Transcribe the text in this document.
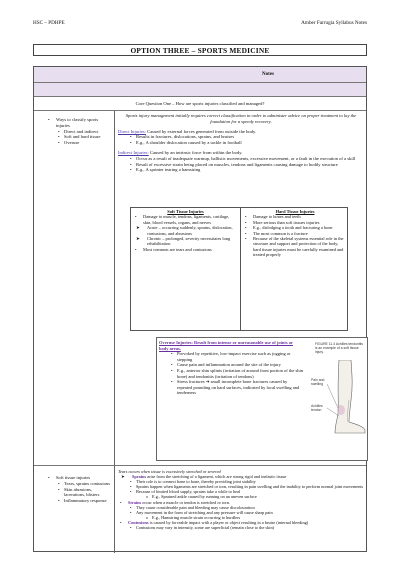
HSC – PDHPE	Amber Farrugia Syllabus Notes
OPTION THREE – SPORTS MEDICINE
Notes
Core Question One – How are sports injuries classified and managed?
• Ways to classify sports injuries
• Direct and indirect
• Soft and hard tissue
• Overuse

Sports injury management initially requires correct classification in order to administer advice on proper treatment to lay the foundation for a speedy recovery.

Direct Injuries: Caused by external forces generated from outside the body.

• Results in fractures, dislocations, sprains, and bruises
• E.g., A shoulder dislocation caused by a tackle in football

Indirect Injuries: Caused by an intrinsic force from within the body.

• Occur as a result of inadequate warmup, ballistic movements, excessive movement, or a fault in the execution of a skill
• Result of excessive strain being placed on muscles, tendons and ligaments causing damage to bodily structure
• E.g., A sprinter tearing a hamstring
Soft Tissue Injuries
• Damage to muscle, tendons, ligaments, cartilage, skin, blood vessels, organs, and nerves
➤ Acute – occurring suddenly, sprains, dislocation, contusions, and abrasions
➤ Chronic – prolonged, severity necessitates long rehabilitation
• Most common are tears and contusions
Hard Tissue Injuries
• Damage to bones and teeth
• More serious than soft tissues injuries
• E.g., dislodging a tooth and fracturing a bone
• The most common is a fracture
• Because of the skeletal systems essential role in the structure and support and protection of the body, hard tissue injuries must be carefully examined and treated properly

Overuse Injuries: Result from intense or unreasonable use of joints or body areas.

• Provoked by repetitive, low-impact exercise such as jogging or stepping
• Cause pain and inflammation around the site of the injury
• E.g., anterior shin splints (irritation of around front portion of the shin bone) and tendonitis (irritation of tendons)
• Stress fractures ➔ small incomplete bone fractures caused by repeated pounding on hard surfaces, indicated by local swelling and tenderness
FIGURE 11.4 Achilles tendonitis is an example of a soft tissue injury.
Pain and swelling
Achilles tendon
• Soft tissue injuries
• Tears, sprains contusions
• Skin abrasions, lacerations, blisters
• Inflammatory response

Tears occurs when tissue is excessively stretched or severed

➤ Sprains arise from the stretching of a ligament, which are strong rigid and inelastic tissue
• Their role is to connect bone to bone, thereby providing joint stability
• Sprains happen when ligaments are stretched or torn, resulting in pain swelling and the inability to perform normal joint movements
• Because of limited blood supply, sprains take a while to heal
o E.g., Sprained ankle caused by running on an uneven surface
• Strains occur when a muscle or tendon is stretched or torn.
• They cause considerable pain and bleeding may cause discolouration
• Any movement in the form of stretching and any pressure will cause sharp pain
o E.g., Hamstring muscle strain occurring to hurdlers
• Contusions is caused by forceable impact with a player or object resulting in a bruise (internal bleeding)
• Contusions may vary in intensity, some are superficial (remain close to the skin)
